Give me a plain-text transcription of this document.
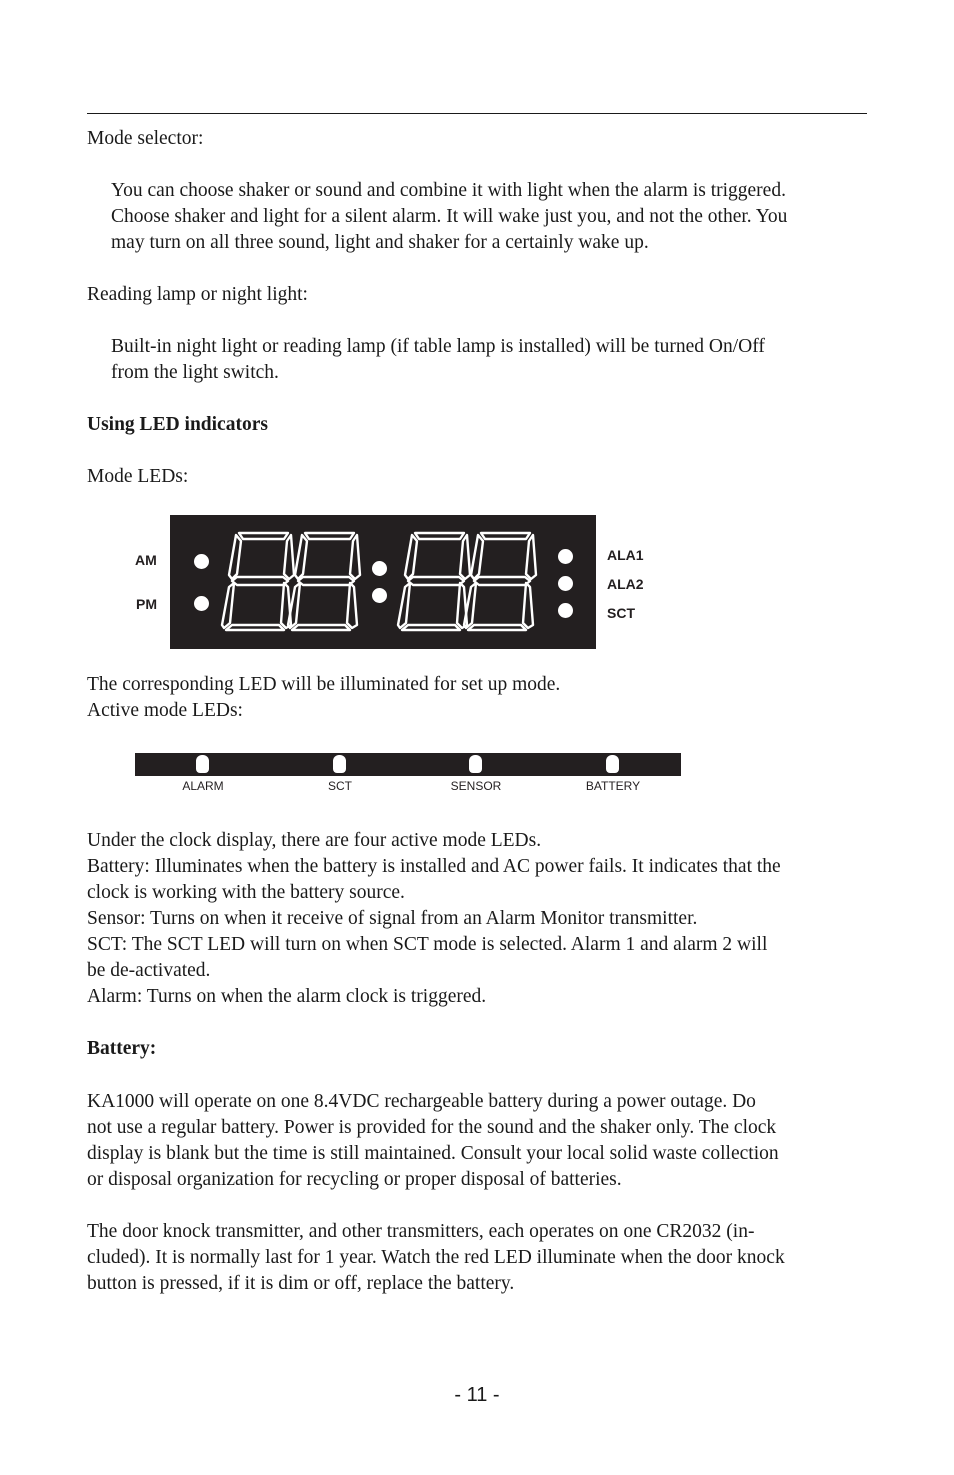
Mode selector:

You can choose shaker or sound and combine it with light when the alarm is triggered.

Choose shaker and light for a silent alarm. It will wake just you, and not the other. You

may turn on all three sound, light and shaker for a certainly wake up.

Reading lamp or night light:

Built-in night light or reading lamp (if table lamp is installed) will be turned On/Off

from the light switch.

Using LED indicators

Mode LEDs:

AM
PM
ALA1
ALA2
SCT

The corresponding LED will be illuminated for set up mode.

Active mode LEDs:

ALARM	SCT	SENSOR	BATTERY

Under the clock display, there are four active mode LEDs.

Battery: Illuminates when the battery is installed and AC power fails. It indicates that the

clock is working with the battery source.

Sensor: Turns on when it receive of signal from an Alarm Monitor transmitter.

SCT: The SCT LED will turn on when SCT mode is selected. Alarm 1 and alarm 2 will

be de-activated.

Alarm: Turns on when the alarm clock is triggered.

Battery:

KA1000 will operate on one 8.4VDC rechargeable battery during a power outage. Do

not use a regular battery. Power is provided for the sound and the shaker only. The clock

display is blank but the time is still maintained. Consult your local solid waste collection

or disposal organization for recycling or proper disposal of batteries.

The door knock transmitter, and other transmitters, each operates on one CR2032 (in-

cluded). It is normally last for 1 year. Watch the red LED illuminate when the door knock

button is pressed, if it is dim or off, replace the battery.

- 11 -
